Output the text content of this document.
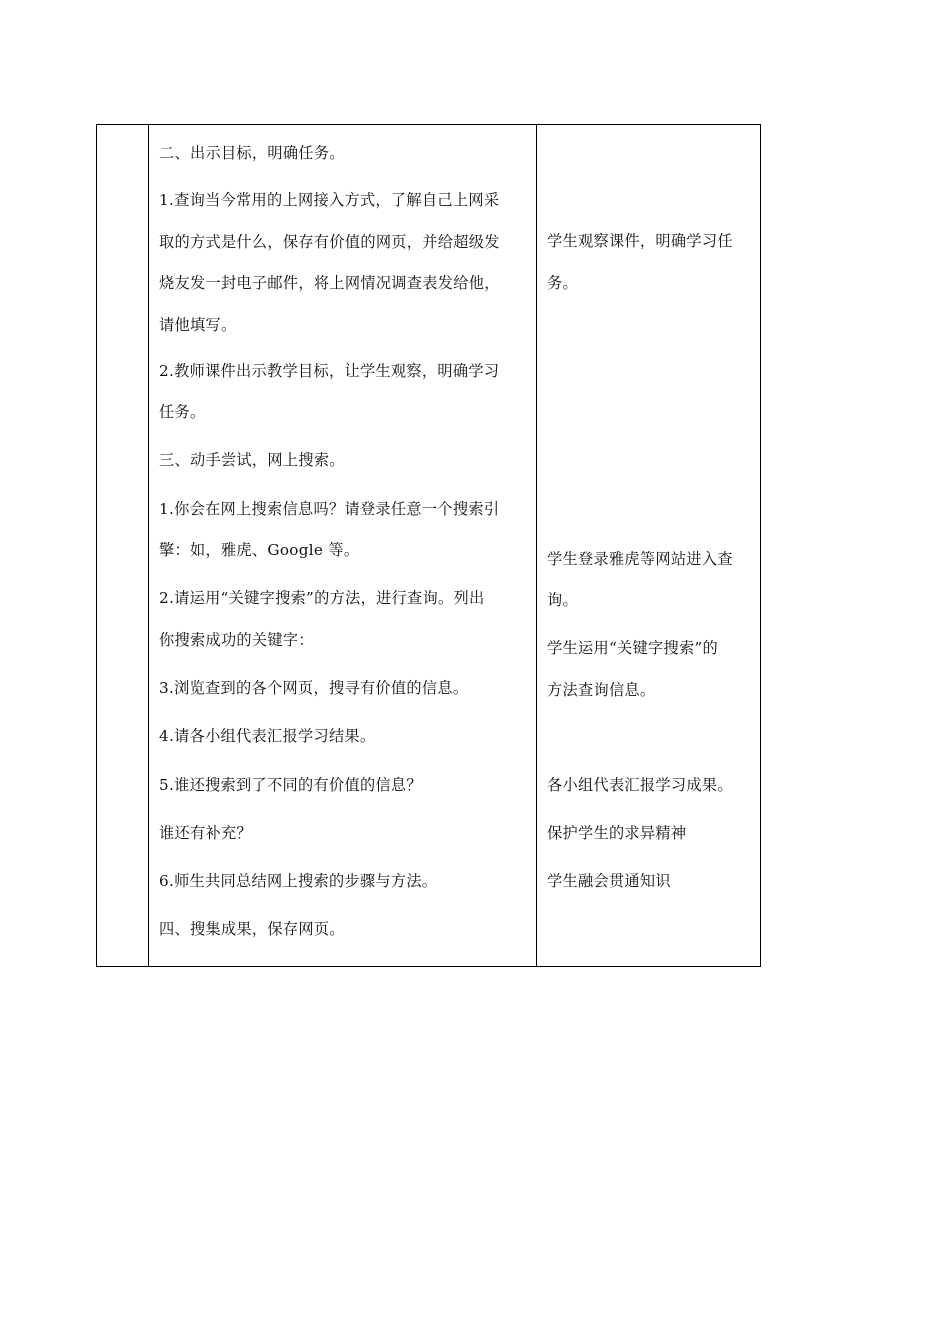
二、出示目标，明确任务。
1.查询当今常用的上网接入方式，了解自己上网采
取的方式是什么，保存有价值的网页，并给超级发
烧友发一封电子邮件，将上网情况调查表发给他，
请他填写。
2.教师课件出示教学目标，让学生观察，明确学习
任务。
三、动手尝试，网上搜索。
1.你会在网上搜索信息吗？请登录任意一个搜索引
擎：如，雅虎、Google 等。
2.请运用“关键字搜索”的方法，进行查询。列出
你搜索成功的关键字：
3.浏览查到的各个网页，搜寻有价值的信息。
4.请各小组代表汇报学习结果。
5.谁还搜索到了不同的有价值的信息？
谁还有补充？
6.师生共同总结网上搜索的步骤与方法。
四、搜集成果，保存网页。

学生观察课件，明确学习任
务。
学生登录雅虎等网站进入查
询。
学生运用“关键字搜索”的
方法查询信息。
各小组代表汇报学习成果。
保护学生的求异精神
学生融会贯通知识
